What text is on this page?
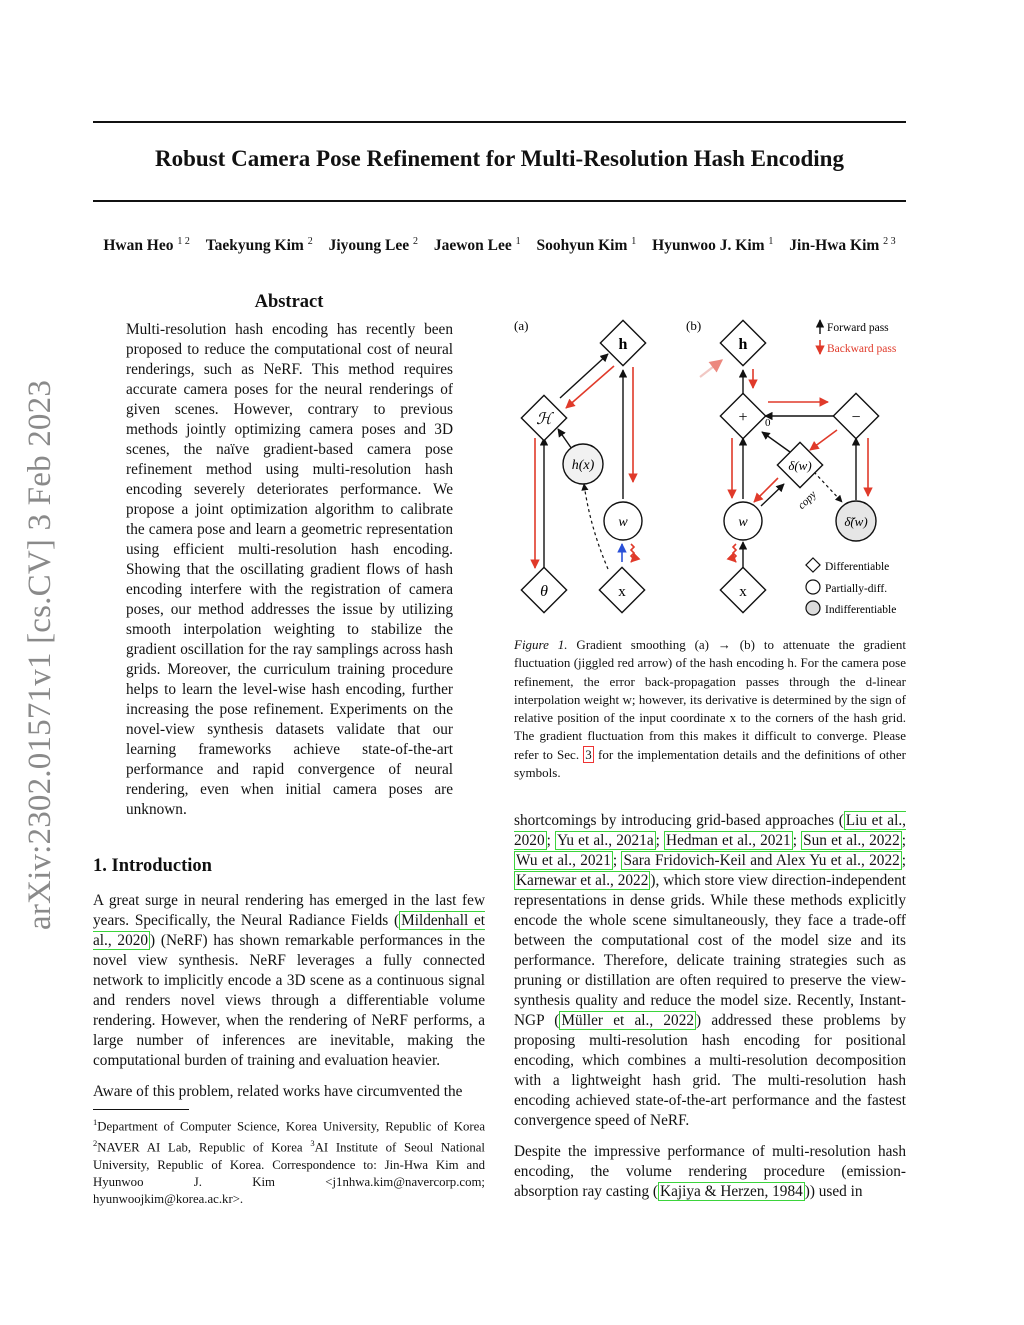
Robust Camera Pose Refinement for Multi-Resolution Hash Encoding
Hwan Heo $^{1 2}$ Taekyung Kim $^2$ Jiyoung Lee $^2$ Jaewon Lee $^1$ Soohyun Kim $^1$ Hyunwoo J. Kim $^1$ Jin-Hwa Kim $^{2 3}$
arXiv:2302.01571v1 [cs.CV] 3 Feb 2023
Abstract
Multi-resolution hash encoding has recently been proposed to reduce the computational cost of neural renderings, such as NeRF. This method requires accurate camera poses for the neural renderings of given scenes. However, contrary to previous methods jointly optimizing camera poses and 3D scenes, the naïve gradient-based camera pose refinement method using multi-resolution hash encoding severely deteriorates performance. We propose a joint optimization algorithm to calibrate the camera pose and learn a geometric representation using efficient multi-resolution hash encoding. Showing that the oscillating gradient flows of hash encoding interfere with the registration of camera poses, our method addresses the issue by utilizing smooth interpolation weighting to stabilize the gradient oscillation for the ray samplings across hash grids. Moreover, the curriculum training procedure helps to learn the level-wise hash encoding, further increasing the pose refinement. Experiments on the novel-view synthesis datasets validate that our learning frameworks achieve state-of-the-art performance and rapid convergence of neural rendering, even when initial camera poses are unknown.
1. Introduction
A great surge in neural rendering has emerged in the last few years. Specifically, the Neural Radiance Fields ( Mildenhall et al., 2020 ) (NeRF) has shown remarkable performances in the novel view synthesis. NeRF leverages a fully connected network to implicitly encode a 3D scene as a continuous signal and renders novel views through a differentiable volume rendering. However, when the rendering of NeRF performs, a large number of inferences are inevitable, making the computational burden of training and evaluation heavier.
Aware of this problem, related works have circumvented the
$^1$Department of Computer Science, Korea University, Republic of Korea $^2$NAVER AI Lab, Republic of Korea $^3$AI Institute of Seoul National University, Republic of Korea. Correspondence to: Jin-Hwa Kim and Hyunwoo J. Kim <j1nhwa.kim@navercorp.com; hyunwoojkim@korea.ac.kr>.
(a)	(b)
h
ℋ
h(x)
w
θ	x
0
copy
h
+	−
δ(w)
w	δ̃(w)
x
Forward pass
Backward pass
Differentiable
Partially-diff.
Indifferentiable
Figure 1. Gradient smoothing (a) → (b) to attenuate the gradient fluctuation (jiggled red arrow) of the hash encoding h. For the camera pose refinement, the error back-propagation passes through the d-linear interpolation weight w; however, its derivative is determined by the sign of relative position of the input coordinate x to the corners of the hash grid. The gradient fluctuation from this makes it difficult to converge. Please refer to Sec. 3 for the implementation details and the definitions of other symbols.
shortcomings by introducing grid-based approaches ( Liu et al., 2020 ; Yu et al., 2021a ; Hedman et al., 2021 ; Sun et al., 2022 ; Wu et al., 2021 ; Sara Fridovich-Keil and Alex Yu et al., 2022 ; Karnewar et al., 2022 ), which store view direction-independent representations in dense grids. While these methods explicitly encode the whole scene simultaneously, they face a trade-off between the computational cost of the model size and its performance. Therefore, delicate training strategies such as pruning or distillation are often required to preserve the view-synthesis quality and reduce the model size. Recently, Instant-NGP ( Müller et al., 2022 ) addressed these problems by proposing multi-resolution hash encoding for positional encoding, which combines a multi-resolution decomposition with a lightweight hash grid. The multi-resolution hash encoding achieved state-of-the-art performance and the fastest convergence speed of NeRF.
Despite the impressive performance of multi-resolution hash encoding, the volume rendering procedure (emission-absorption ray casting ( Kajiya & Herzen, 1984 )) used in
